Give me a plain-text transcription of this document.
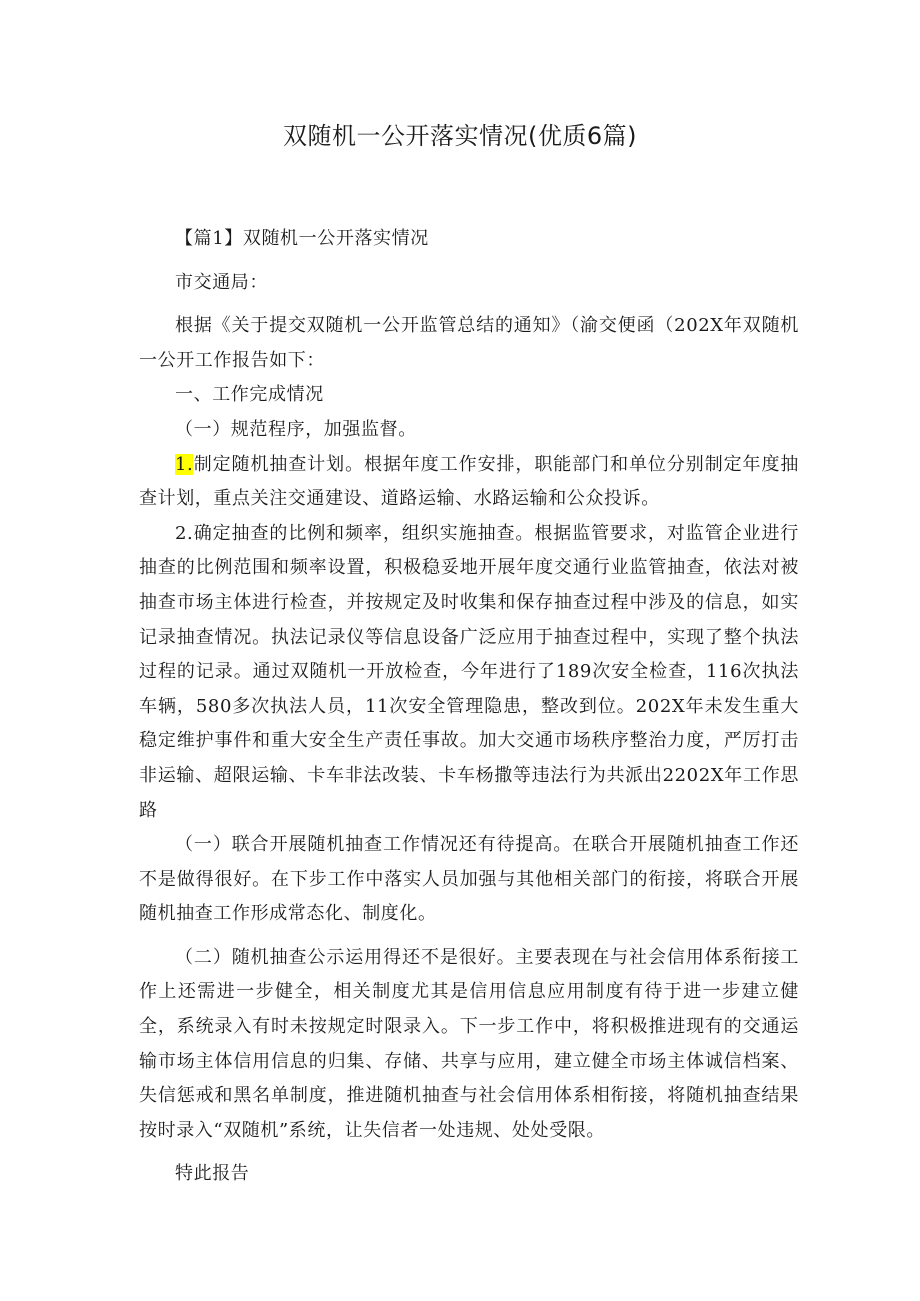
双随机一公开落实情况(优质6篇)

【篇1】双随机一公开落实情况

市交通局：

根据《关于提交双随机一公开监管总结的通知》（渝交便函（202X年双随机一公开工作报告如下：

一、工作完成情况

（一）规范程序，加强监督。

1.制定随机抽查计划。根据年度工作安排，职能部门和单位分别制定年度抽查计划，重点关注交通建设、道路运输、水路运输和公众投诉。

2.确定抽查的比例和频率，组织实施抽查。根据监管要求，对监管企业进行抽查的比例范围和频率设置，积极稳妥地开展年度交通行业监管抽查，依法对被抽查市场主体进行检查，并按规定及时收集和保存抽查过程中涉及的信息，如实记录抽查情况。执法记录仪等信息设备广泛应用于抽查过程中，实现了整个执法过程的记录。通过双随机一开放检查，今年进行了189次安全检查，116次执法车辆，580多次执法人员，11次安全管理隐患，整改到位。202X年未发生重大稳定维护事件和重大安全生产责任事故。加大交通市场秩序整治力度，严厉打击非运输、超限运输、卡车非法改装、卡车杨撒等违法行为共派出2202X年工作思路

（一）联合开展随机抽查工作情况还有待提高。在联合开展随机抽查工作还不是做得很好。在下步工作中落实人员加强与其他相关部门的衔接，将联合开展随机抽查工作形成常态化、制度化。

（二）随机抽查公示运用得还不是很好。主要表现在与社会信用体系衔接工作上还需进一步健全，相关制度尤其是信用信息应用制度有待于进一步建立健全，系统录入有时未按规定时限录入。下一步工作中，将积极推进现有的交通运输市场主体信用信息的归集、存储、共享与应用，建立健全市场主体诚信档案、失信惩戒和黑名单制度，推进随机抽查与社会信用体系相衔接，将随机抽查结果按时录入“双随机”系统，让失信者一处违规、处处受限。

特此报告
